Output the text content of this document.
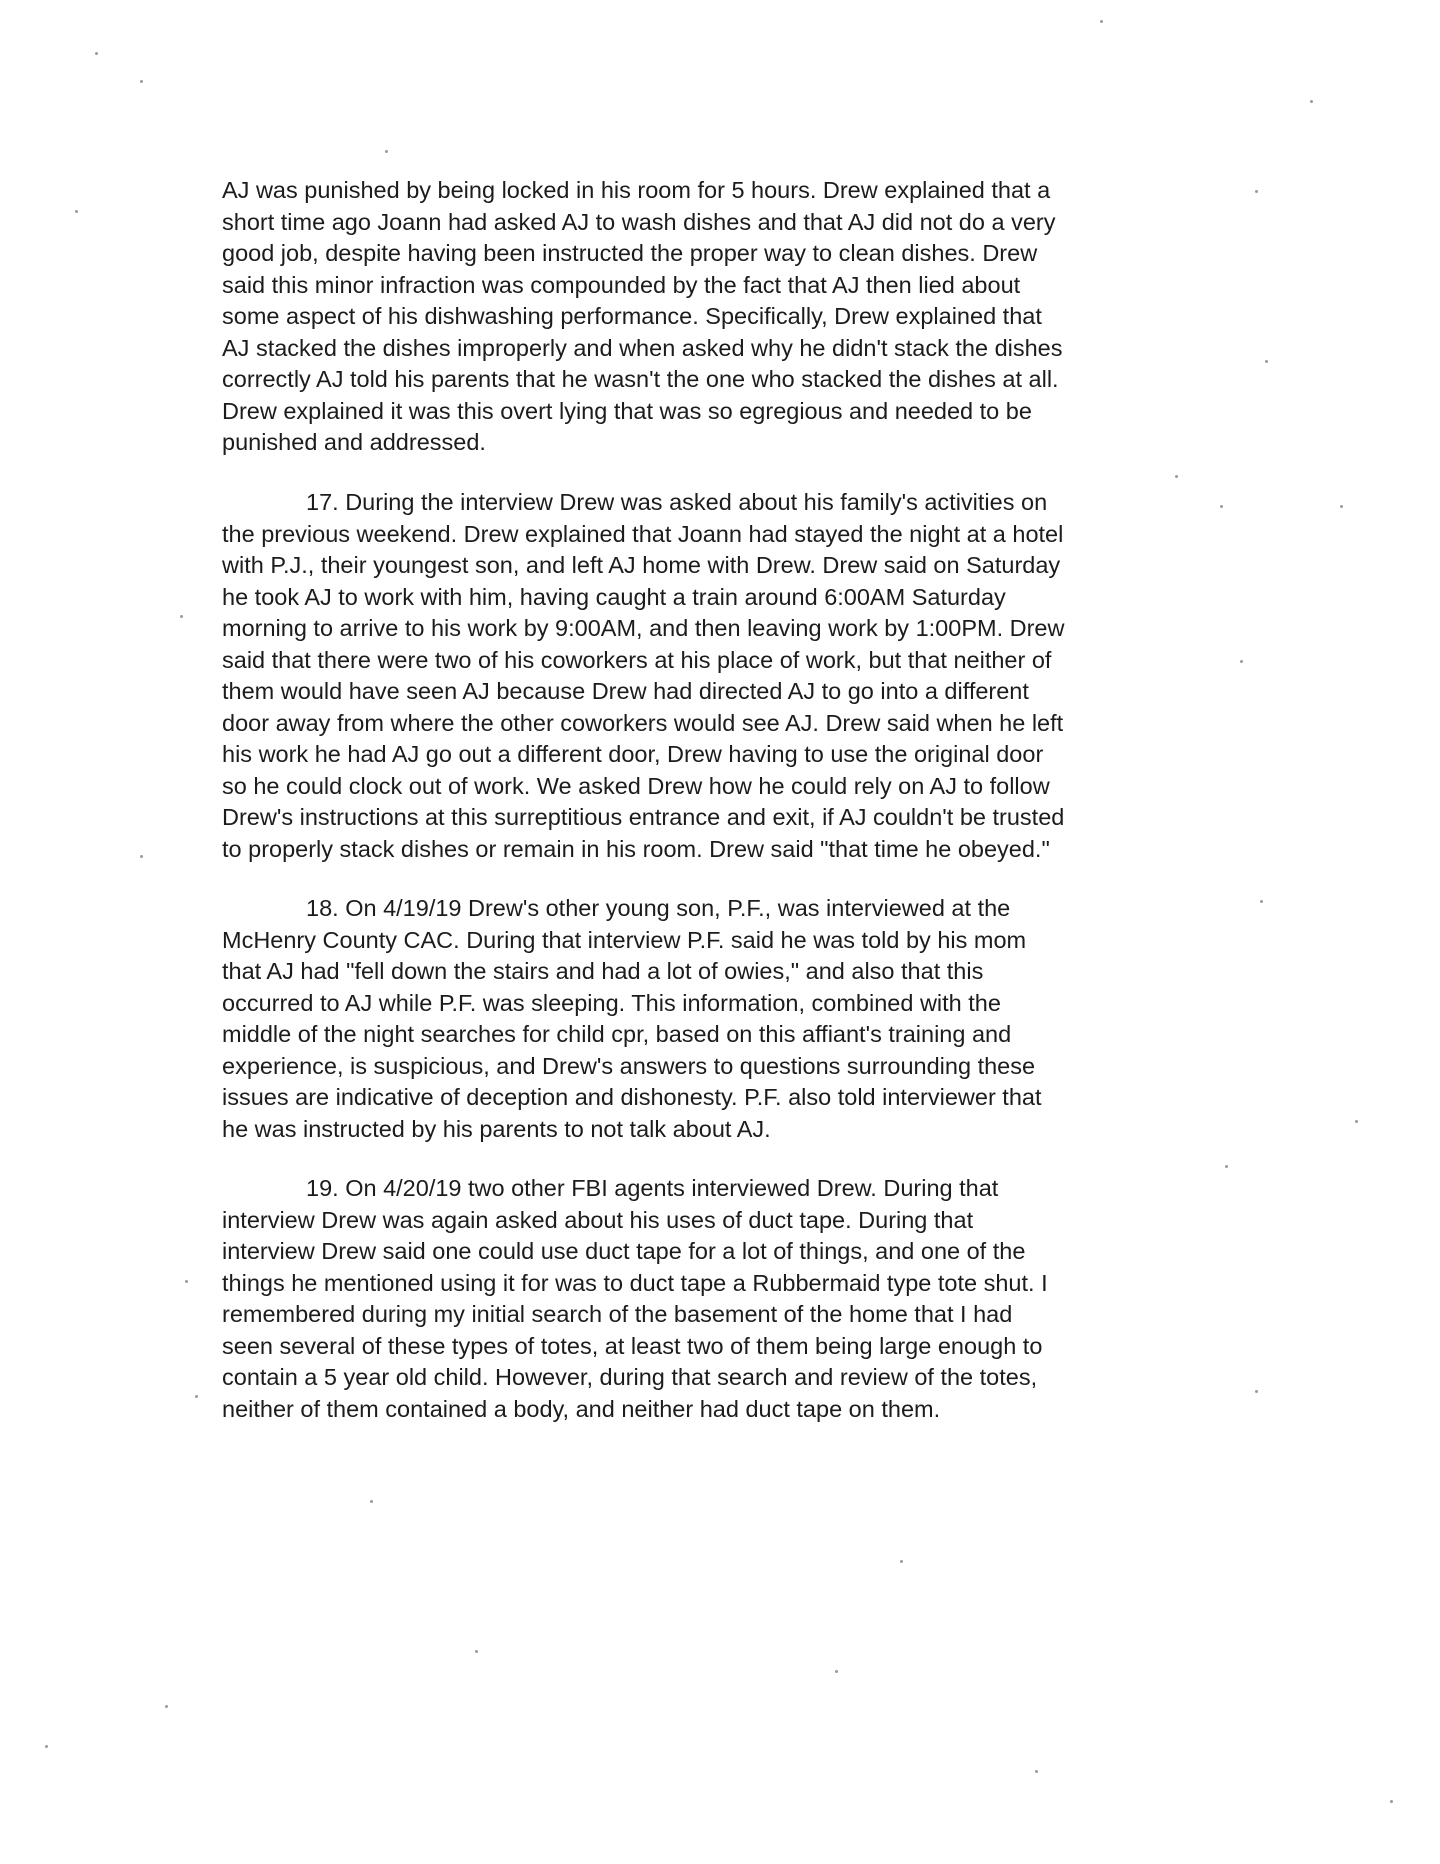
AJ was punished by being locked in his room for 5 hours. Drew explained that a
short time ago Joann had asked AJ to wash dishes and that AJ did not do a very
good job, despite having been instructed the proper way to clean dishes. Drew
said this minor infraction was compounded by the fact that AJ then lied about
some aspect of his dishwashing performance. Specifically, Drew explained that
AJ stacked the dishes improperly and when asked why he didn't stack the dishes
correctly AJ told his parents that he wasn't the one who stacked the dishes at all.
Drew explained it was this overt lying that was so egregious and needed to be
punished and addressed.
17. During the interview Drew was asked about his family's activities on
the previous weekend. Drew explained that Joann had stayed the night at a hotel
with P.J., their youngest son, and left AJ home with Drew. Drew said on Saturday
he took AJ to work with him, having caught a train around 6:00AM Saturday
morning to arrive to his work by 9:00AM, and then leaving work by 1:00PM. Drew
said that there were two of his coworkers at his place of work, but that neither of
them would have seen AJ because Drew had directed AJ to go into a different
door away from where the other coworkers would see AJ. Drew said when he left
his work he had AJ go out a different door, Drew having to use the original door
so he could clock out of work. We asked Drew how he could rely on AJ to follow
Drew's instructions at this surreptitious entrance and exit, if AJ couldn't be trusted
to properly stack dishes or remain in his room. Drew said "that time he obeyed."
18. On 4/19/19 Drew's other young son, P.F., was interviewed at the
McHenry County CAC. During that interview P.F. said he was told by his mom
that AJ had "fell down the stairs and had a lot of owies," and also that this
occurred to AJ while P.F. was sleeping. This information, combined with the
middle of the night searches for child cpr, based on this affiant's training and
experience, is suspicious, and Drew's answers to questions surrounding these
issues are indicative of deception and dishonesty. P.F. also told interviewer that
he was instructed by his parents to not talk about AJ.
19. On 4/20/19 two other FBI agents interviewed Drew. During that
interview Drew was again asked about his uses of duct tape. During that
interview Drew said one could use duct tape for a lot of things, and one of the
things he mentioned using it for was to duct tape a Rubbermaid type tote shut. I
remembered during my initial search of the basement of the home that I had
seen several of these types of totes, at least two of them being large enough to
contain a 5 year old child. However, during that search and review of the totes,
neither of them contained a body, and neither had duct tape on them.
